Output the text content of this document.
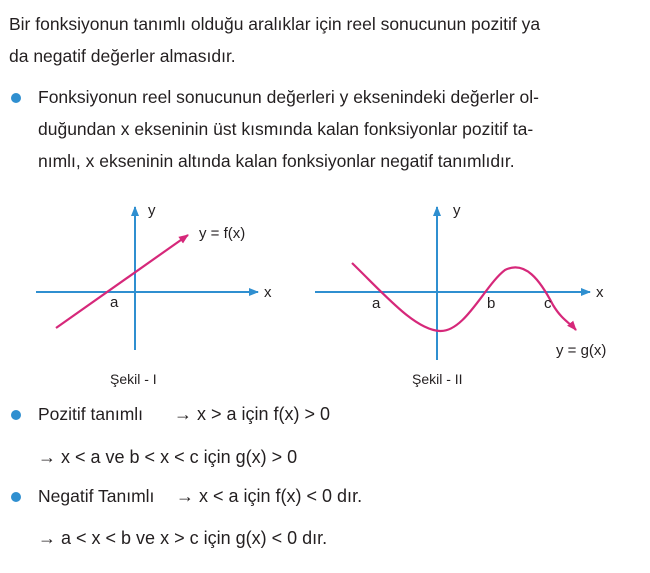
Bir fonksiyonun tanımlı olduğu aralıklar için reel sonucunun pozitif ya
da negatif değerler almasıdır.
Fonksiyonun reel sonucunun değerleri y eksenindeki değerler ol-
duğundan x ekseninin üst kısmında kalan fonksiyonlar pozitif ta-
nımlı, x ekseninin altında kalan fonksiyonlar negatif tanımlıdır.
y
x
y = f(x)
a
Şekil - I
y
x
a	b	c
y = g(x)
Şekil - II
Pozitif tanımlı → x > a için f(x) > 0
→ x < a ve b < x < c için g(x) > 0
Negatif Tanımlı → x < a için f(x) < 0 dır.
→ a < x < b ve x > c için g(x) < 0 dır.
